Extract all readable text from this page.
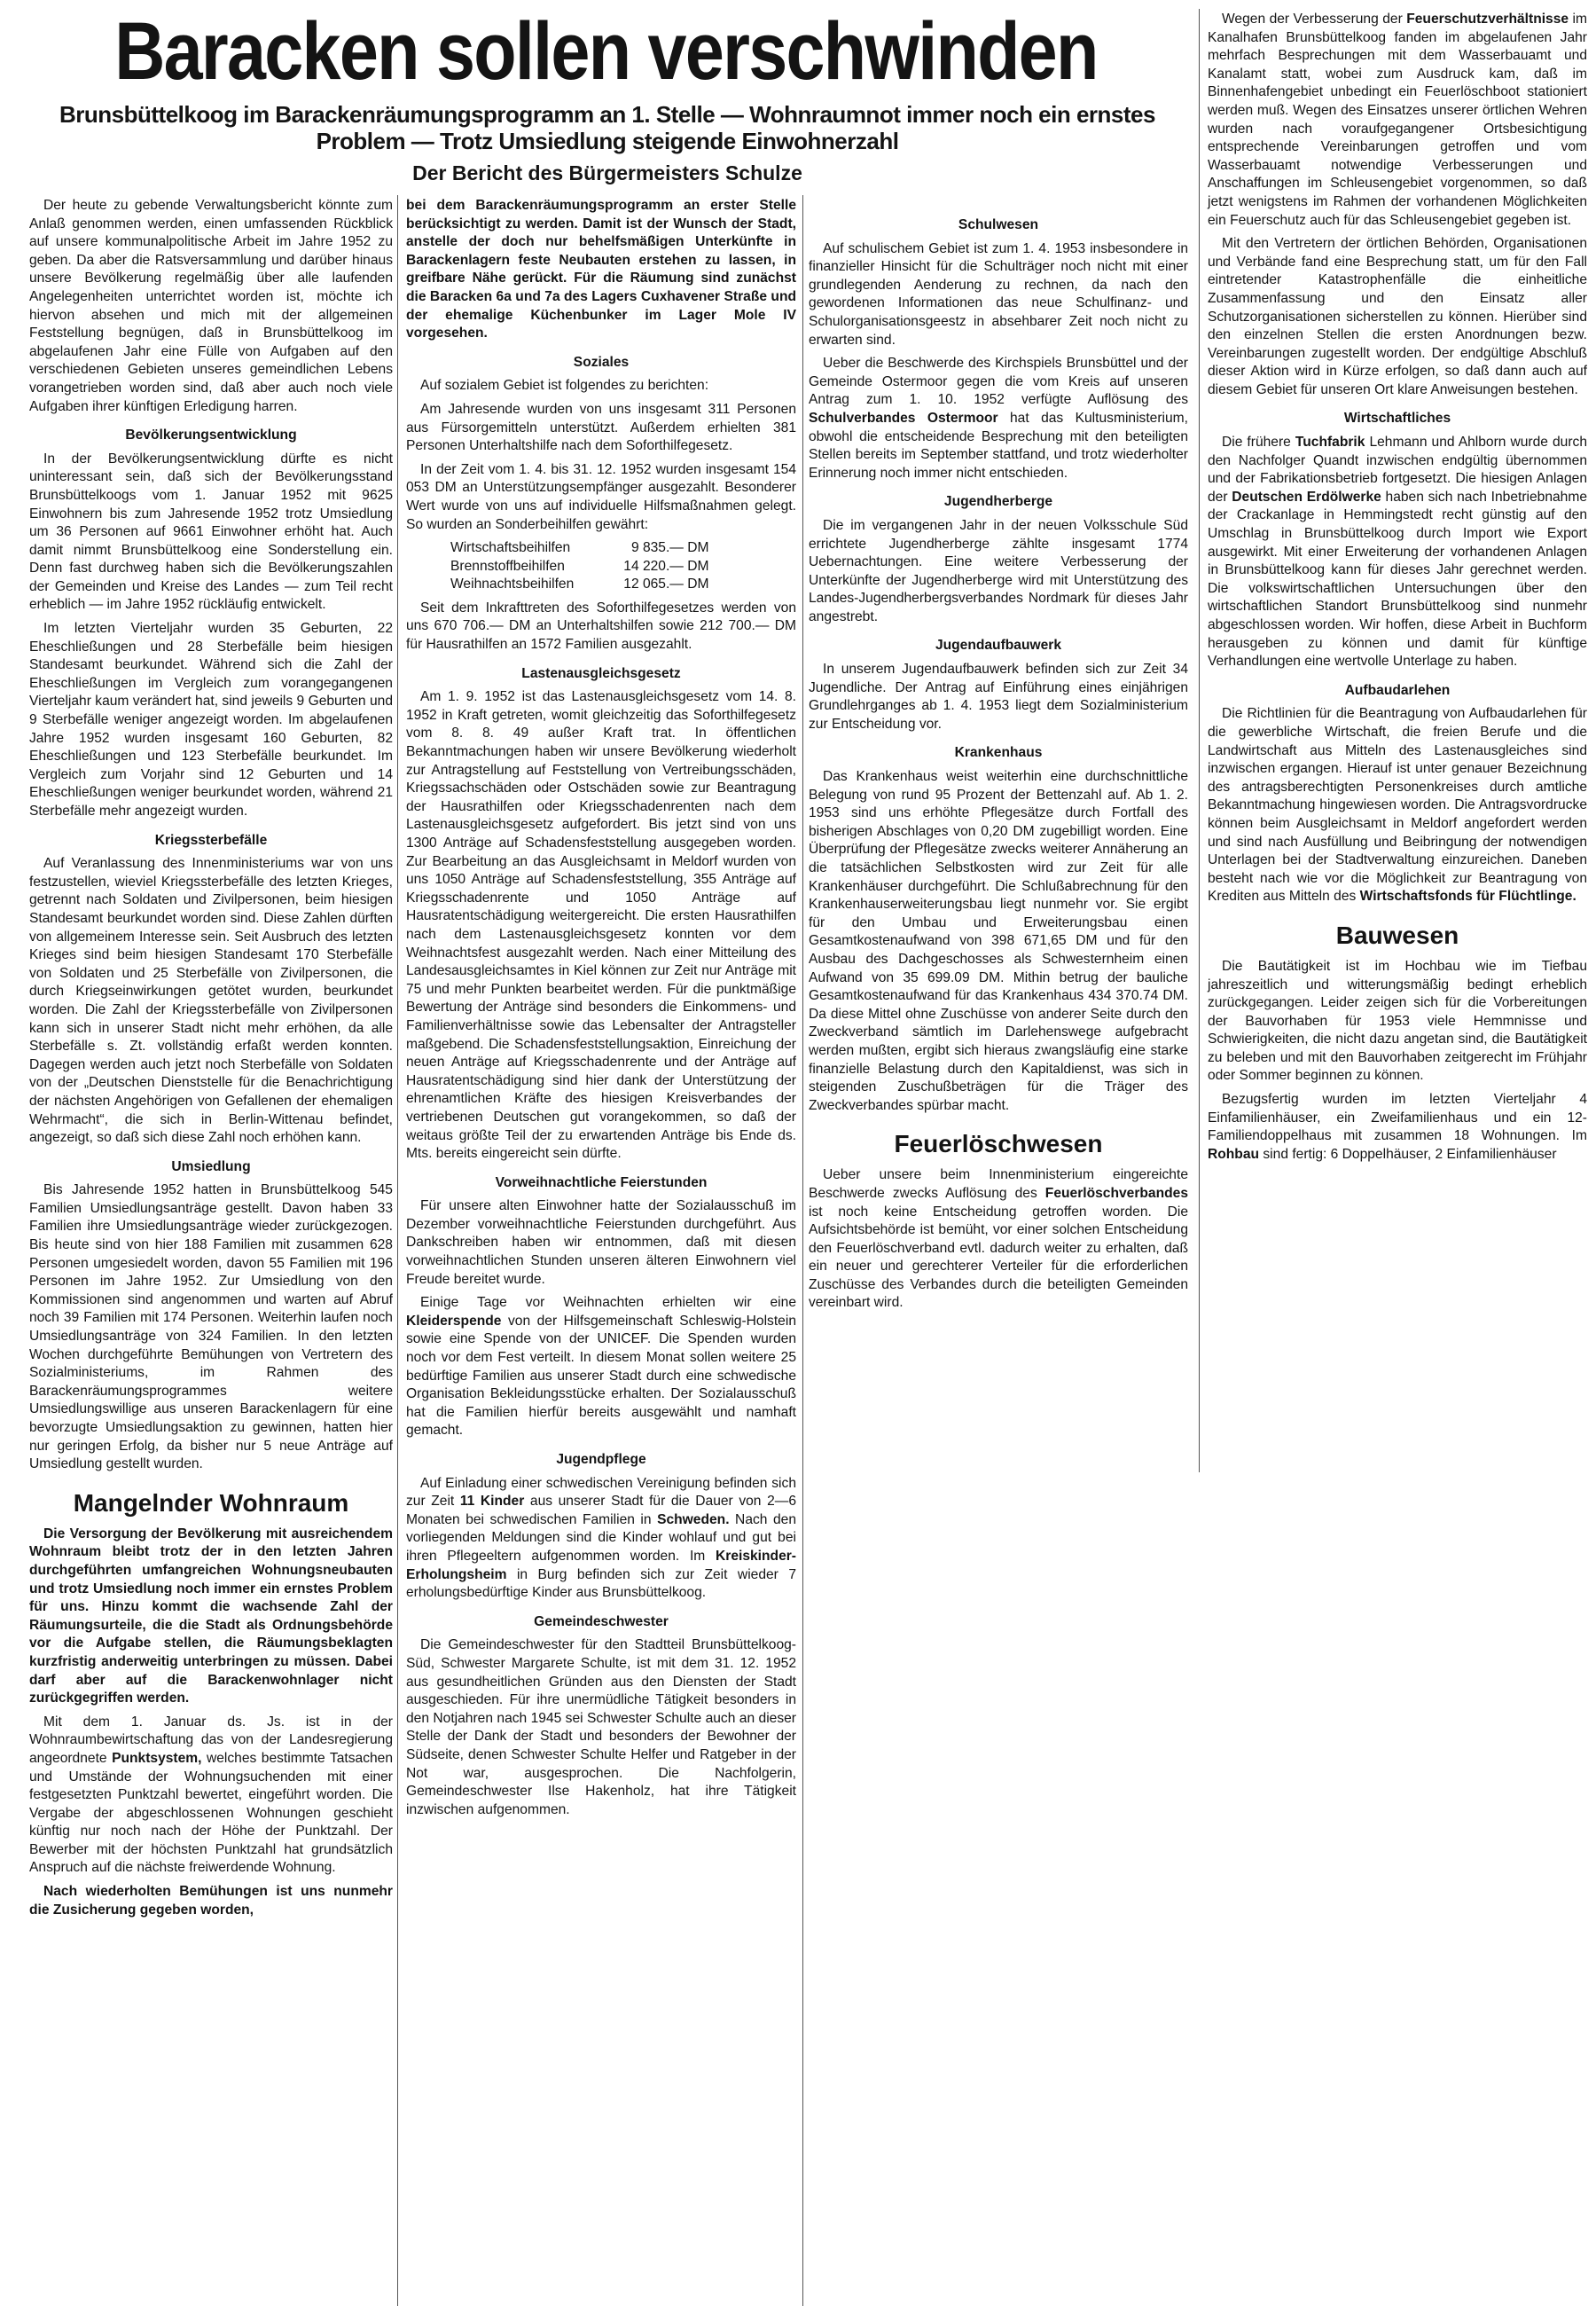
Baracken sollen verschwinden
Brunsbüttelkoog im Barackenräumungsprogramm an 1. Stelle — Wohnraumnot immer noch ein ernstes Problem — Trotz Umsiedlung steigende Einwohnerzahl
Der Bericht des Bürgermeisters Schulze

Der heute zu gebende Verwaltungsbericht könnte zum Anlaß genommen werden, einen umfassenden Rückblick auf unsere kommunalpolitische Arbeit im Jahre 1952 zu geben. Da aber die Ratsversammlung und darüber hinaus unsere Bevölkerung regelmäßig über alle laufenden Angelegenheiten unterrichtet worden ist, möchte ich hiervon absehen und mich mit der allgemeinen Feststellung begnügen, daß in Brunsbüttelkoog im abgelaufenen Jahr eine Fülle von Aufgaben auf den verschiedenen Gebieten unseres gemeindlichen Lebens vorangetrieben worden sind, daß aber auch noch viele Aufgaben ihrer künftigen Erledigung harren.

Bevölkerungsentwicklung

In der Bevölkerungsentwicklung dürfte es nicht uninteressant sein, daß sich der Bevölkerungsstand Brunsbüttelkoogs vom 1. Januar 1952 mit 9625 Einwohnern bis zum Jahresende 1952 trotz Umsiedlung um 36 Personen auf 9661 Einwohner erhöht hat. Auch damit nimmt Brunsbüttelkoog eine Sonderstellung ein. Denn fast durchweg haben sich die Bevölkerungszahlen der Gemeinden und Kreise des Landes — zum Teil recht erheblich — im Jahre 1952 rückläufig entwickelt.

Im letzten Vierteljahr wurden 35 Geburten, 22 Eheschließungen und 28 Sterbefälle beim hiesigen Standesamt beurkundet. Während sich die Zahl der Eheschließungen im Vergleich zum vorangegangenen Vierteljahr kaum verändert hat, sind jeweils 9 Geburten und 9 Sterbefälle weniger angezeigt worden. Im abgelaufenen Jahre 1952 wurden insgesamt 160 Geburten, 82 Eheschließungen und 123 Sterbefälle beurkundet. Im Vergleich zum Vorjahr sind 12 Geburten und 14 Eheschließungen weniger beurkundet worden, während 21 Sterbefälle mehr angezeigt wurden.

Kriegssterbefälle

Auf Veranlassung des Innenministeriums war von uns festzustellen, wieviel Kriegssterbefälle des letzten Krieges, getrennt nach Soldaten und Zivilpersonen, beim hiesigen Standesamt beurkundet worden sind. Diese Zahlen dürften von allgemeinem Interesse sein. Seit Ausbruch des letzten Krieges sind beim hiesigen Standesamt 170 Sterbefälle von Soldaten und 25 Sterbefälle von Zivilpersonen, die durch Kriegseinwirkungen getötet wurden, beurkundet worden. Die Zahl der Kriegssterbefälle von Zivilpersonen kann sich in unserer Stadt nicht mehr erhöhen, da alle Sterbefälle s. Zt. vollständig erfaßt werden konnten. Dagegen werden auch jetzt noch Sterbefälle von Soldaten von der „Deutschen Dienststelle für die Benachrichtigung der nächsten Angehörigen von Gefallenen der ehemaligen Wehrmacht“, die sich in Berlin-Wittenau befindet, angezeigt, so daß sich diese Zahl noch erhöhen kann.

Umsiedlung

Bis Jahresende 1952 hatten in Brunsbüttelkoog 545 Familien Umsiedlungsanträge gestellt. Davon haben 33 Familien ihre Umsiedlungsanträge wieder zurückgezogen. Bis heute sind von hier 188 Familien mit zusammen 628 Personen umgesiedelt worden, davon 55 Familien mit 196 Personen im Jahre 1952. Zur Umsiedlung von den Kommissionen sind angenommen und warten auf Abruf noch 39 Familien mit 174 Personen. Weiterhin laufen noch Umsiedlungsanträge von 324 Familien. In den letzten Wochen durchgeführte Bemühungen von Vertretern des Sozialministeriums, im Rahmen des Barackenräumungsprogrammes weitere Umsiedlungswillige aus unseren Barackenlagern für eine bevorzugte Umsiedlungsaktion zu gewinnen, hatten hier nur geringen Erfolg, da bisher nur 5 neue Anträge auf Umsiedlung gestellt wurden.

Mangelnder Wohnraum

Die Versorgung der Bevölkerung mit ausreichendem Wohnraum bleibt trotz der in den letzten Jahren durchgeführten umfangreichen Wohnungsneubauten und trotz Umsiedlung noch immer ein ernstes Problem für uns. Hinzu kommt die wachsende Zahl der Räumungsurteile, die die Stadt als Ordnungsbehörde vor die Aufgabe stellen, die Räumungsbeklagten kurzfristig anderweitig unterbringen zu müssen. Dabei darf aber auf die Barackenwohnlager nicht zurückgegriffen werden.

Mit dem 1. Januar ds. Js. ist in der Wohnraumbewirtschaftung das von der Landesregierung angeordnete Punktsystem, welches bestimmte Tatsachen und Umstände der Wohnungsuchenden mit einer festgesetzten Punktzahl bewertet, eingeführt worden. Die Vergabe der abgeschlossenen Wohnungen geschieht künftig nur noch nach der Höhe der Punktzahl. Der Bewerber mit der höchsten Punktzahl hat grundsätzlich Anspruch auf die nächste freiwerdende Wohnung.

Nach wiederholten Bemühungen ist uns nunmehr die Zusicherung gegeben worden,

bei dem Barackenräumungsprogramm an erster Stelle berücksichtigt zu werden. Damit ist der Wunsch der Stadt, anstelle der doch nur behelfsmäßigen Unterkünfte in Barackenlagern feste Neubauten erstehen zu lassen, in greifbare Nähe gerückt. Für die Räumung sind zunächst die Baracken 6a und 7a des Lagers Cuxhavener Straße und der ehemalige Küchenbunker im Lager Mole IV vorgesehen.

Soziales

Auf sozialem Gebiet ist folgendes zu berichten:

Am Jahresende wurden von uns insgesamt 311 Personen aus Fürsorgemitteln unterstützt. Außerdem erhielten 381 Personen Unterhaltshilfe nach dem Soforthilfegesetz.

In der Zeit vom 1. 4. bis 31. 12. 1952 wurden insgesamt 154 053 DM an Unterstützungsempfänger ausgezahlt. Besonderer Wert wurde von uns auf individuelle Hilfsmaßnahmen gelegt. So wurden an Sonderbeihilfen gewährt:

Wirtschaftsbeihilfen	9 835.— DM
Brennstoffbeihilfen	14 220.— DM
Weihnachtsbeihilfen	12 065.— DM

Seit dem Inkrafttreten des Soforthilfegesetzes werden von uns 670 706.— DM an Unterhaltshilfen sowie 212 700.— DM für Hausrathilfen an 1572 Familien ausgezahlt.

Lastenausgleichsgesetz

Am 1. 9. 1952 ist das Lastenausgleichsgesetz vom 14. 8. 1952 in Kraft getreten, womit gleichzeitig das Soforthilfegesetz vom 8. 8. 49 außer Kraft trat. In öffentlichen Bekanntmachungen haben wir unsere Bevölkerung wiederholt zur Antragstellung auf Feststellung von Vertreibungsschäden, Kriegssachschäden oder Ostschäden sowie zur Beantragung der Hausrathilfen oder Kriegsschadenrenten nach dem Lastenausgleichsgesetz aufgefordert. Bis jetzt sind von uns 1300 Anträge auf Schadensfeststellung ausgegeben worden. Zur Bearbeitung an das Ausgleichsamt in Meldorf wurden von uns 1050 Anträge auf Schadensfeststellung, 355 Anträge auf Kriegsschadenrente und 1050 Anträge auf Hausratentschädigung weitergereicht. Die ersten Hausrathilfen nach dem Lastenausgleichsgesetz konnten vor dem Weihnachtsfest ausgezahlt werden. Nach einer Mitteilung des Landesausgleichsamtes in Kiel können zur Zeit nur Anträge mit 75 und mehr Punkten bearbeitet werden. Für die punktmäßige Bewertung der Anträge sind besonders die Einkommens- und Familienverhältnisse sowie das Lebensalter der Antragsteller maßgebend. Die Schadensfeststellungsaktion, Einreichung der neuen Anträge auf Kriegsschadenrente und der Anträge auf Hausratentschädigung sind hier dank der Unterstützung der ehrenamtlichen Kräfte des hiesigen Kreisverbandes der vertriebenen Deutschen gut vorangekommen, so daß der weitaus größte Teil der zu erwartenden Anträge bis Ende ds. Mts. bereits eingereicht sein dürfte.

Vorweihnachtliche Feierstunden

Für unsere alten Einwohner hatte der Sozialausschuß im Dezember vorweihnachtliche Feierstunden durchgeführt. Aus Dankschreiben haben wir entnommen, daß mit diesen vorweihnachtlichen Stunden unseren älteren Einwohnern viel Freude bereitet wurde.

Einige Tage vor Weihnachten erhielten wir eine Kleiderspende von der Hilfsgemeinschaft Schleswig-Holstein sowie eine Spende von der UNICEF. Die Spenden wurden noch vor dem Fest verteilt. In diesem Monat sollen weitere 25 bedürftige Familien aus unserer Stadt durch eine schwedische Organisation Bekleidungsstücke erhalten. Der Sozialausschuß hat die Familien hierfür bereits ausgewählt und namhaft gemacht.

Jugendpflege

Auf Einladung einer schwedischen Vereinigung befinden sich zur Zeit 11 Kinder aus unserer Stadt für die Dauer von 2—6 Monaten bei schwedischen Familien in Schweden. Nach den vorliegenden Meldungen sind die Kinder wohlauf und gut bei ihren Pflegeeltern aufgenommen worden. Im Kreiskinder-Erholungsheim in Burg befinden sich zur Zeit wieder 7 erholungsbedürftige Kinder aus Brunsbüttelkoog.

Gemeindeschwester

Die Gemeindeschwester für den Stadtteil Brunsbüttelkoog-Süd, Schwester Margarete Schulte, ist mit dem 31. 12. 1952 aus gesundheitlichen Gründen aus den Diensten der Stadt ausgeschieden. Für ihre unermüdliche Tätigkeit besonders in den Notjahren nach 1945 sei Schwester Schulte auch an dieser Stelle der Dank der Stadt und besonders der Bewohner der Südseite, denen Schwester Schulte Helfer und Ratgeber in der Not war, ausgesprochen. Die Nachfolgerin, Gemeindeschwester Ilse Hakenholz, hat ihre Tätigkeit inzwischen aufgenommen.

Schulwesen

Auf schulischem Gebiet ist zum 1. 4. 1953 insbesondere in finanzieller Hinsicht für die Schulträger noch nicht mit einer grundlegenden Aenderung zu rechnen, da nach den gewordenen Informationen das neue Schulfinanz- und Schulorganisationsgeestz in absehbarer Zeit noch nicht zu erwarten sind.

Ueber die Beschwerde des Kirchspiels Brunsbüttel und der Gemeinde Ostermoor gegen die vom Kreis auf unseren Antrag zum 1. 10. 1952 verfügte Auflösung des Schulverbandes Ostermoor hat das Kultusministerium, obwohl die entscheidende Besprechung mit den beteiligten Stellen bereits im September stattfand, und trotz wiederholter Erinnerung noch immer nicht entschieden.

Jugendherberge

Die im vergangenen Jahr in der neuen Volksschule Süd errichtete Jugendherberge zählte insgesamt 1774 Uebernachtungen. Eine weitere Verbesserung der Unterkünfte der Jugendherberge wird mit Unterstützung des Landes-Jugendherbergsverbandes Nordmark für dieses Jahr angestrebt.

Jugendaufbauwerk

In unserem Jugendaufbauwerk befinden sich zur Zeit 34 Jugendliche. Der Antrag auf Einführung eines einjährigen Grundlehrganges ab 1. 4. 1953 liegt dem Sozialministerium zur Entscheidung vor.

Krankenhaus

Das Krankenhaus weist weiterhin eine durchschnittliche Belegung von rund 95 Prozent der Bettenzahl auf. Ab 1. 2. 1953 sind uns erhöhte Pflegesätze durch Fortfall des bisherigen Abschlages von 0,20 DM zugebilligt worden. Eine Überprüfung der Pflegesätze zwecks weiterer Annäherung an die tatsächlichen Selbstkosten wird zur Zeit für alle Krankenhäuser durchgeführt. Die Schlußabrechnung für den Krankenhauserweiterungsbau liegt nunmehr vor. Sie ergibt für den Umbau und Erweiterungsbau einen Gesamtkostenaufwand von 398 671,65 DM und für den Ausbau des Dachgeschosses als Schwesternheim einen Aufwand von 35 699.09 DM. Mithin betrug der bauliche Gesamtkostenaufwand für das Krankenhaus 434 370.74 DM. Da diese Mittel ohne Zuschüsse von anderer Seite durch den Zweckverband sämtlich im Darlehenswege aufgebracht werden mußten, ergibt sich hieraus zwangsläufig eine starke finanzielle Belastung durch den Kapitaldienst, was sich in steigenden Zuschußbeträgen für die Träger des Zweckverbandes spürbar macht.

Feuerlöschwesen

Ueber unsere beim Innenministerium eingereichte Beschwerde zwecks Auflösung des Feuerlöschverbandes ist noch keine Entscheidung getroffen worden. Die Aufsichtsbehörde ist bemüht, vor einer solchen Entscheidung den Feuerlöschverband evtl. dadurch weiter zu erhalten, daß ein neuer und gerechterer Verteiler für die erforderlichen Zuschüsse des Verbandes durch die beteiligten Gemeinden vereinbart wird.

Wegen der Verbesserung der Feuerschutzverhältnisse im Kanalhafen Brunsbüttelkoog fanden im abgelaufenen Jahr mehrfach Besprechungen mit dem Wasserbauamt und Kanalamt statt, wobei zum Ausdruck kam, daß im Binnenhafengebiet unbedingt ein Feuerlöschboot stationiert werden muß. Wegen des Einsatzes unserer örtlichen Wehren wurden nach voraufgegangener Ortsbesichtigung entsprechende Vereinbarungen getroffen und vom Wasserbauamt notwendige Verbesserungen und Anschaffungen im Schleusengebiet vorgenommen, so daß jetzt wenigstens im Rahmen der vorhandenen Möglichkeiten ein Feuerschutz auch für das Schleusengebiet gegeben ist.

Mit den Vertretern der örtlichen Behörden, Organisationen und Verbände fand eine Besprechung statt, um für den Fall eintretender Katastrophenfälle die einheitliche Zusammenfassung und den Einsatz aller Schutzorganisationen sicherstellen zu können. Hierüber sind den einzelnen Stellen die ersten Anordnungen bezw. Vereinbarungen zugestellt worden. Der endgültige Abschluß dieser Aktion wird in Kürze erfolgen, so daß dann auch auf diesem Gebiet für unseren Ort klare Anweisungen bestehen.

Wirtschaftliches

Die frühere Tuchfabrik Lehmann und Ahlborn wurde durch den Nachfolger Quandt inzwischen endgültig übernommen und der Fabrikationsbetrieb fortgesetzt. Die hiesigen Anlagen der Deutschen Erdölwerke haben sich nach Inbetriebnahme der Crackanlage in Hemmingstedt recht günstig auf den Umschlag in Brunsbüttelkoog durch Import wie Export ausgewirkt. Mit einer Erweiterung der vorhandenen Anlagen in Brunsbüttelkoog kann für dieses Jahr gerechnet werden. Die volkswirtschaftlichen Untersuchungen über den wirtschaftlichen Standort Brunsbüttelkoog sind nunmehr abgeschlossen worden. Wir hoffen, diese Arbeit in Buchform herausgeben zu können und damit für künftige Verhandlungen eine wertvolle Unterlage zu haben.

Aufbaudarlehen

Die Richtlinien für die Beantragung von Aufbaudarlehen für die gewerbliche Wirtschaft, die freien Berufe und die Landwirtschaft aus Mitteln des Lastenausgleiches sind inzwischen ergangen. Hierauf ist unter genauer Bezeichnung des antragsberechtigten Personenkreises durch amtliche Bekanntmachung hingewiesen worden. Die Antragsvordrucke können beim Ausgleichsamt in Meldorf angefordert werden und sind nach Ausfüllung und Beibringung der notwendigen Unterlagen bei der Stadtverwaltung einzureichen. Daneben besteht nach wie vor die Möglichkeit zur Beantragung von Krediten aus Mitteln des Wirtschaftsfonds für Flüchtlinge.

Bauwesen

Die Bautätigkeit ist im Hochbau wie im Tiefbau jahreszeitlich und witterungsmäßig bedingt erheblich zurückgegangen. Leider zeigen sich für die Vorbereitungen der Bauvorhaben für 1953 viele Hemmnisse und Schwierigkeiten, die nicht dazu angetan sind, die Bautätigkeit zu beleben und mit den Bauvorhaben zeitgerecht im Frühjahr oder Sommer beginnen zu können.

Bezugsfertig wurden im letzten Vierteljahr 4 Einfamilienhäuser, ein Zweifamilienhaus und ein 12-Familiendoppelhaus mit zusammen 18 Wohnungen. Im Rohbau sind fertig: 6 Doppelhäuser, 2 Einfamilienhäuser
